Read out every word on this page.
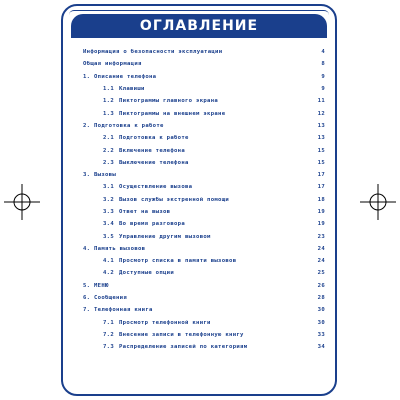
ОГЛАВЛЕНИЕ
Информация о безопасности эксплуатации	4
Общая информация	8
1. Описание телефона	9
1.1 Клавиши	9
1.2 Пиктограммы главного экрана	11
1.3 Пиктограммы на внешнем экране	12
2. Подготовка к работе	13
2.1 Подготовка к работе	13
2.2 Включение телефона	15
2.3 Выключение телефона	15
3. Вызовы	17
3.1 Осуществление вызова	17
3.2 Вызов службы экстренной помощи	18
3.3 Ответ на вызов	19
3.4 Во время разговора	19
3.5 Управление другим вызовом	23
4. Память вызовов	24
4.1 Просмотр списка в памяти вызовов	24
4.2 Доступные опции	25
5. МЕНЮ	26
6. Сообщения	28
7. Телефонная книга	30
7.1 Просмотр телефонной книги	30
7.2 Внесение записи в телефонную книгу	33
7.3 Распределение записей по категориям	34
